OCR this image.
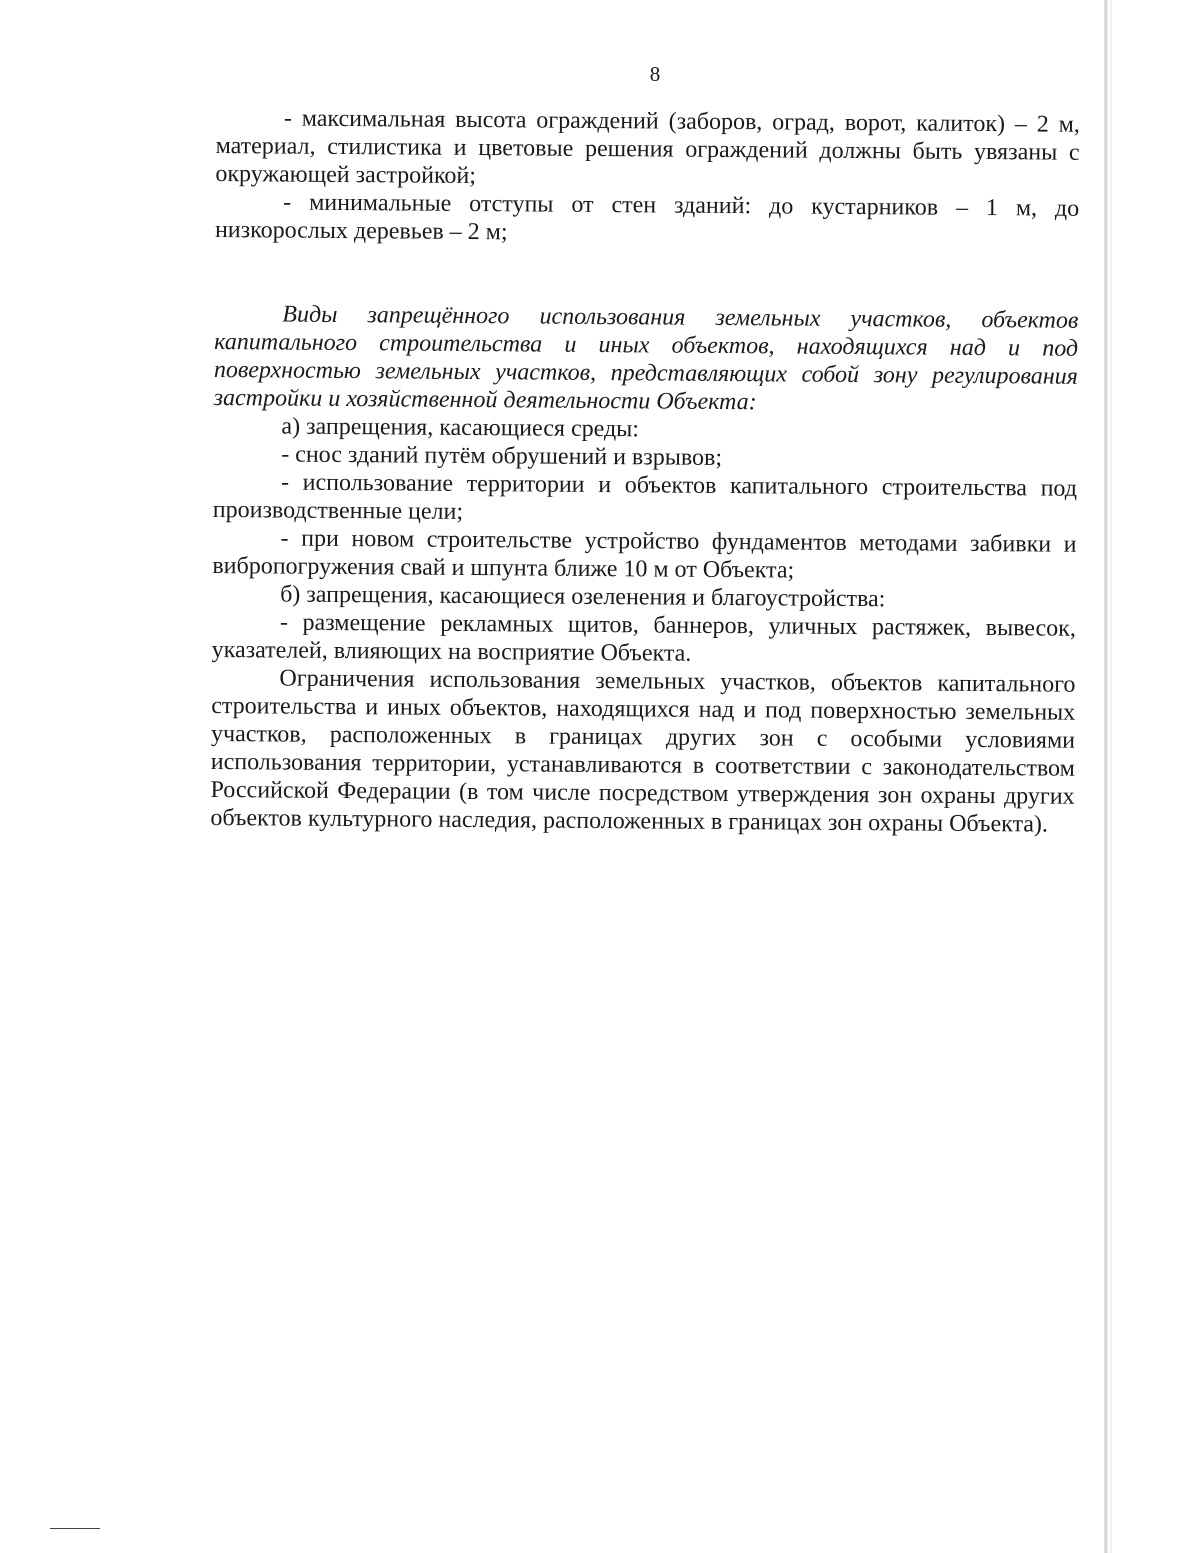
8

- максимальная высота ограждений (заборов, оград, ворот, калиток) – 2 м, материал, стилистика и цветовые решения ограждений должны быть увязаны с окружающей застройкой;

- минимальные отступы от стен зданий: до кустарников – 1 м, до низкорослых деревьев – 2 м;

Виды запрещённого использования земельных участков, объектов капитального строительства и иных объектов, находящихся над и под поверхностью земельных участков, представляющих собой зону регулирования застройки и хозяйственной деятельности Объекта:

а) запрещения, касающиеся среды:

- снос зданий путём обрушений и взрывов;

- использование территории и объектов капитального строительства под производственные цели;

- при новом строительстве устройство фундаментов методами забивки и вибропогружения свай и шпунта ближе 10 м от Объекта;

б) запрещения, касающиеся озеленения и благоустройства:

- размещение рекламных щитов, баннеров, уличных растяжек, вывесок, указателей, влияющих на восприятие Объекта.

Ограничения использования земельных участков, объектов капитального строительства и иных объектов, находящихся над и под поверхностью земельных участков, расположенных в границах других зон с особыми условиями использования территории, устанавливаются в соответствии с законодательством Российской Федерации (в том числе посредством утверждения зон охраны других объектов культурного наследия, расположенных в границах зон охраны Объекта).
